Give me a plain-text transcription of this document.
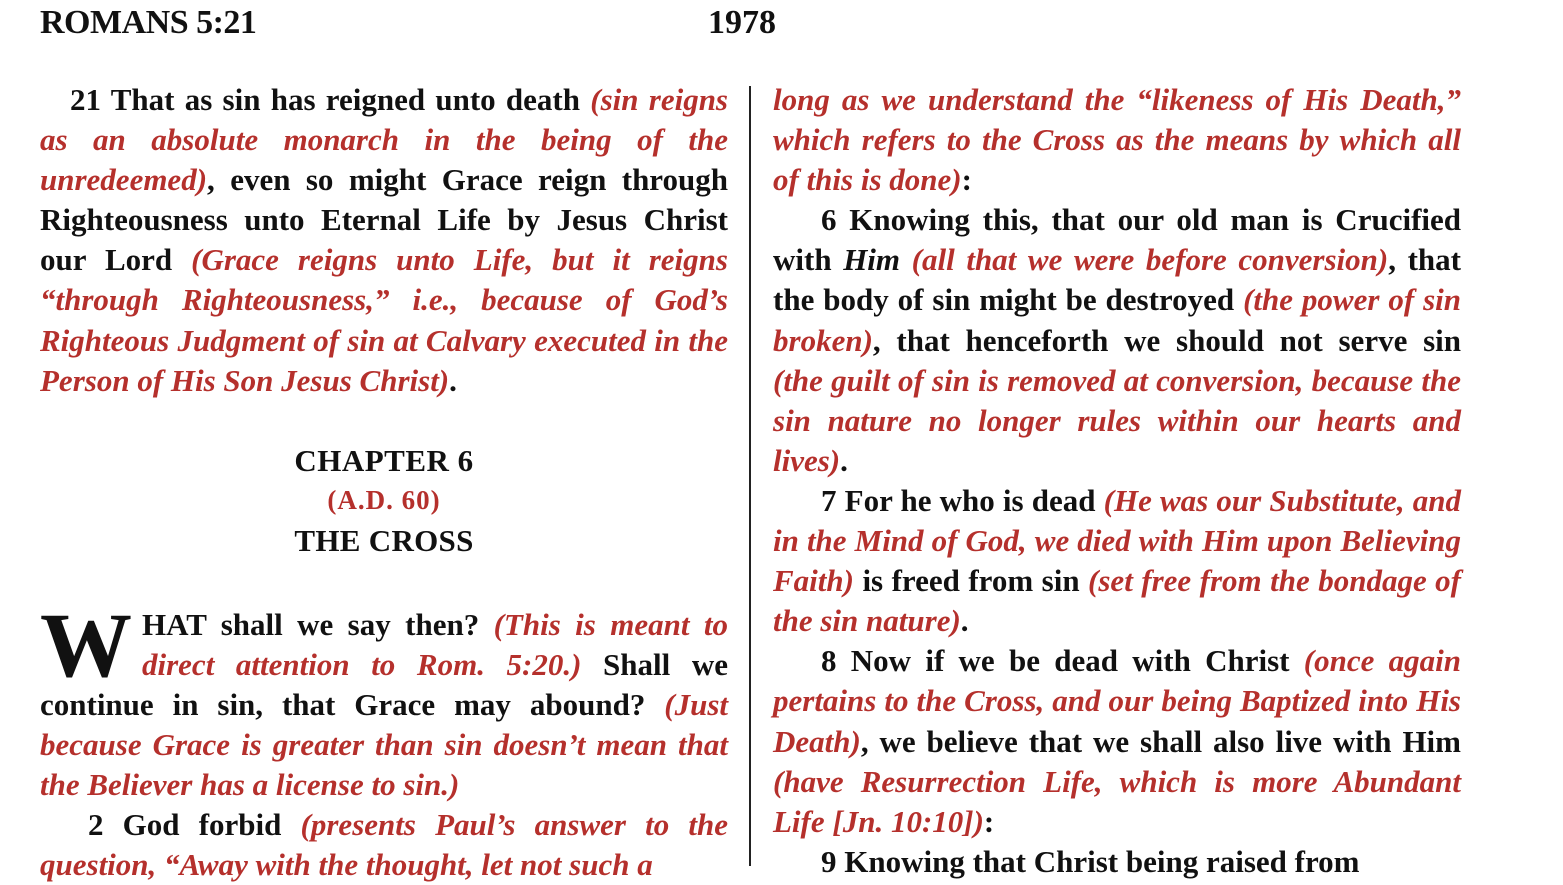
ROMANS 5:21	1978

21 That as sin has reigned unto death (sin reigns as an absolute monarch in the being of the unredeemed), even so might Grace reign through Righteousness unto Eternal Life by Jesus Christ our Lord (Grace reigns unto Life, but it reigns “through Righteousness,” i.e., because of God’s Righteous Judgment of sin at Calvary executed in the Person of His Son Jesus Christ).

CHAPTER 6
(A.D. 60)
THE CROSS

WHAT shall we say then? (This is meant to direct attention to Rom. 5:20.) Shall we continue in sin, that Grace may abound? (Just because Grace is greater than sin doesn’t mean that the Believer has a license to sin.)

2 God forbid (presents Paul’s answer to the question, “Away with the thought, let not such a

long as we understand the “likeness of His Death,” which refers to the Cross as the means by which all of this is done):

6 Knowing this, that our old man is Crucified with Him (all that we were before conversion), that the body of sin might be destroyed (the power of sin broken), that henceforth we should not serve sin (the guilt of sin is removed at conversion, because the sin nature no longer rules within our hearts and lives).

7 For he who is dead (He was our Substitute, and in the Mind of God, we died with Him upon Believing Faith) is freed from sin (set free from the bondage of the sin nature).

8 Now if we be dead with Christ (once again pertains to the Cross, and our being Baptized into His Death), we believe that we shall also live with Him (have Resurrection Life, which is more Abundant Life [Jn. 10:10]):

9 Knowing that Christ being raised from
